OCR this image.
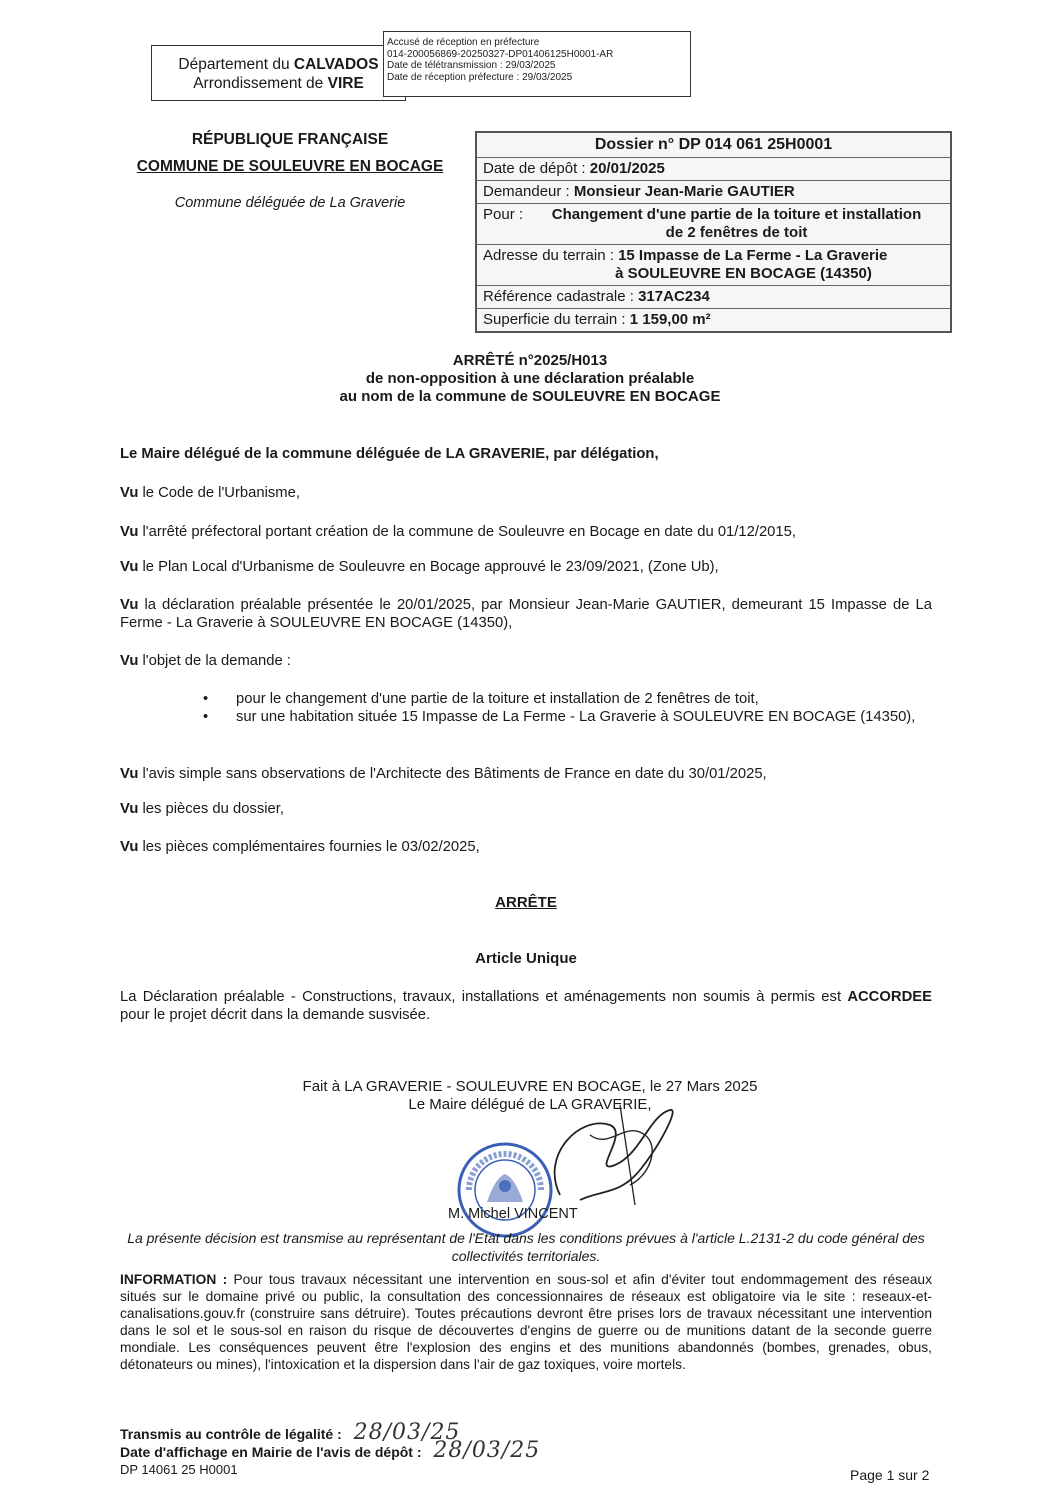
Département du CALVADOS
Arrondissement de VIRE
Accusé de réception en préfecture
014-200056869-20250327-DP01406125H0001-AR
Date de télétransmission : 29/03/2025
Date de réception préfecture : 29/03/2025
RÉPUBLIQUE FRANÇAISE
COMMUNE DE SOULEUVRE EN BOCAGE
Commune déléguée de La Graverie
Dossier n° DP 014 061 25H0001
Date de dépôt : 20/01/2025
Demandeur : Monsieur Jean-Marie GAUTIER
Pour :	Changement d'une partie de la toiture et installation
de 2 fenêtres de toit
Adresse du terrain : 15 Impasse de La Ferme - La Graverie
à SOULEUVRE EN BOCAGE (14350)
Référence cadastrale : 317AC234
Superficie du terrain : 1 159,00 m²
ARRÊTÉ n°2025/H013
de non-opposition à une déclaration préalable
au nom de la commune de SOULEUVRE EN BOCAGE
Le Maire délégué de la commune déléguée de LA GRAVERIE, par délégation,
Vu le Code de l'Urbanisme,
Vu l'arrêté préfectoral portant création de la commune de Souleuvre en Bocage en date du 01/12/2015,
Vu le Plan Local d'Urbanisme de Souleuvre en Bocage approuvé le 23/09/2021, (Zone Ub),
Vu la déclaration préalable présentée le 20/01/2025, par Monsieur Jean-Marie GAUTIER, demeurant 15 Impasse de La Ferme - La Graverie à SOULEUVRE EN BOCAGE (14350),
Vu l'objet de la demande :
• pour le changement d'une partie de la toiture et installation de 2 fenêtres de toit,
• sur une habitation située 15 Impasse de La Ferme - La Graverie à SOULEUVRE EN BOCAGE (14350),
Vu l'avis simple sans observations de l'Architecte des Bâtiments de France en date du 30/01/2025,
Vu les pièces du dossier,
Vu les pièces complémentaires fournies le 03/02/2025,
ARRÊTE
Article Unique
La Déclaration préalable - Constructions, travaux, installations et aménagements non soumis à permis est ACCORDEE pour le projet décrit dans la demande susvisée.
Fait à LA GRAVERIE - SOULEUVRE EN BOCAGE, le 27 Mars 2025
Le Maire délégué de LA GRAVERIE,
M. Michel VINCENT
La présente décision est transmise au représentant de l'Etat dans les conditions prévues à l'article L.2131-2 du code général des collectivités territoriales.
INFORMATION : Pour tous travaux nécessitant une intervention en sous-sol et afin d'éviter tout endommagement des réseaux situés sur le domaine privé ou public, la consultation des concessionnaires de réseaux est obligatoire via le site : reseaux-et-canalisations.gouv.fr (construire sans détruire). Toutes précautions devront être prises lors de travaux nécessitant une intervention dans le sol et le sous-sol en raison du risque de découvertes d'engins de guerre ou de munitions datant de la seconde guerre mondiale. Les conséquences peuvent être l'explosion des engins et des munitions abandonnés (bombes, grenades, obus, détonateurs ou mines), l'intoxication et la dispersion dans l'air de gaz toxiques, voire mortels.
Transmis au contrôle de légalité : 28/03/25
Date d'affichage en Mairie de l'avis de dépôt : 28/03/25
DP 14061 25 H0001	Page 1 sur 2
